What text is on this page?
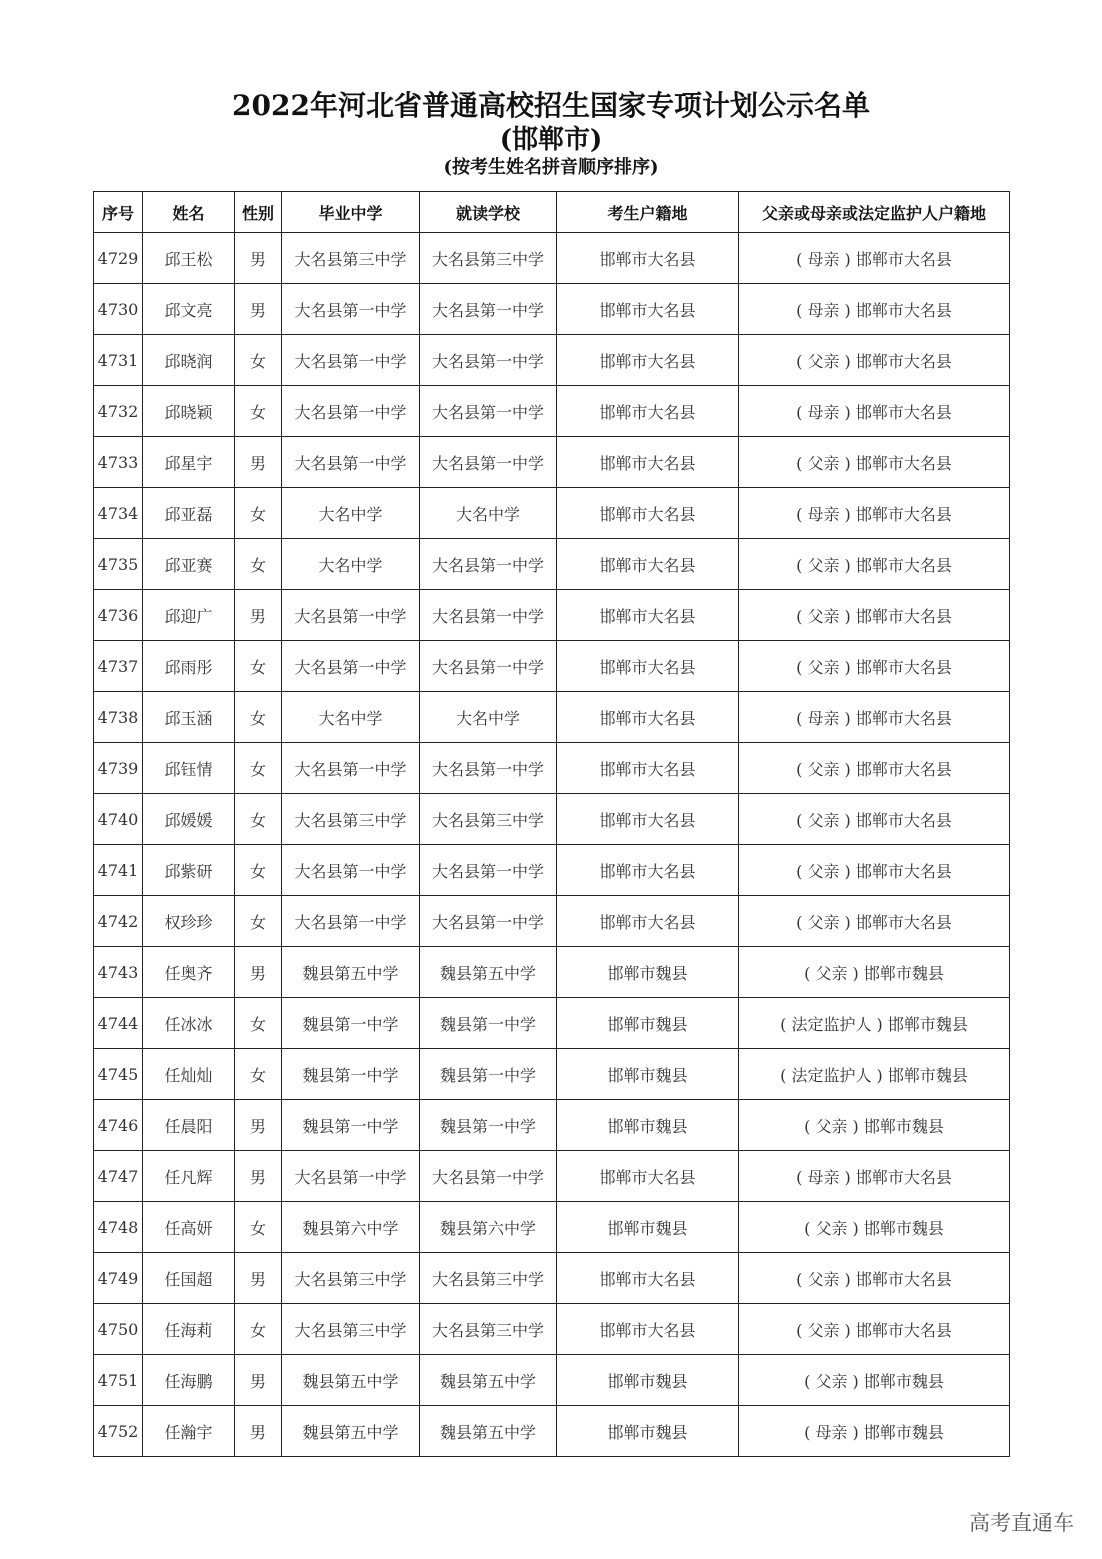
2022年河北省普通高校招生国家专项计划公示名单
(邯郸市)
(按考生姓名拼音顺序排序)
序号	姓名	性别	毕业中学	就读学校	考生户籍地	父亲或母亲或法定监护人户籍地
4729	邱王松	男	大名县第三中学	大名县第三中学	邯郸市大名县	( 母亲 ) 邯郸市大名县
4730	邱文亮	男	大名县第一中学	大名县第一中学	邯郸市大名县	( 母亲 ) 邯郸市大名县
4731	邱晓润	女	大名县第一中学	大名县第一中学	邯郸市大名县	( 父亲 ) 邯郸市大名县
4732	邱晓颖	女	大名县第一中学	大名县第一中学	邯郸市大名县	( 母亲 ) 邯郸市大名县
4733	邱星宇	男	大名县第一中学	大名县第一中学	邯郸市大名县	( 父亲 ) 邯郸市大名县
4734	邱亚磊	女	大名中学	大名中学	邯郸市大名县	( 母亲 ) 邯郸市大名县
4735	邱亚赛	女	大名中学	大名县第一中学	邯郸市大名县	( 父亲 ) 邯郸市大名县
4736	邱迎广	男	大名县第一中学	大名县第一中学	邯郸市大名县	( 父亲 ) 邯郸市大名县
4737	邱雨彤	女	大名县第一中学	大名县第一中学	邯郸市大名县	( 父亲 ) 邯郸市大名县
4738	邱玉涵	女	大名中学	大名中学	邯郸市大名县	( 母亲 ) 邯郸市大名县
4739	邱钰情	女	大名县第一中学	大名县第一中学	邯郸市大名县	( 父亲 ) 邯郸市大名县
4740	邱媛媛	女	大名县第三中学	大名县第三中学	邯郸市大名县	( 父亲 ) 邯郸市大名县
4741	邱紫研	女	大名县第一中学	大名县第一中学	邯郸市大名县	( 父亲 ) 邯郸市大名县
4742	权珍珍	女	大名县第一中学	大名县第一中学	邯郸市大名县	( 父亲 ) 邯郸市大名县
4743	任奥齐	男	魏县第五中学	魏县第五中学	邯郸市魏县	( 父亲 ) 邯郸市魏县
4744	任冰冰	女	魏县第一中学	魏县第一中学	邯郸市魏县	( 法定监护人 ) 邯郸市魏县
4745	任灿灿	女	魏县第一中学	魏县第一中学	邯郸市魏县	( 法定监护人 ) 邯郸市魏县
4746	任晨阳	男	魏县第一中学	魏县第一中学	邯郸市魏县	( 父亲 ) 邯郸市魏县
4747	任凡辉	男	大名县第一中学	大名县第一中学	邯郸市大名县	( 母亲 ) 邯郸市大名县
4748	任高妍	女	魏县第六中学	魏县第六中学	邯郸市魏县	( 父亲 ) 邯郸市魏县
4749	任国超	男	大名县第三中学	大名县第三中学	邯郸市大名县	( 父亲 ) 邯郸市大名县
4750	任海莉	女	大名县第三中学	大名县第三中学	邯郸市大名县	( 父亲 ) 邯郸市大名县
4751	任海鹏	男	魏县第五中学	魏县第五中学	邯郸市魏县	( 父亲 ) 邯郸市魏县
4752	任瀚宇	男	魏县第五中学	魏县第五中学	邯郸市魏县	( 母亲 ) 邯郸市魏县
高考直通车
